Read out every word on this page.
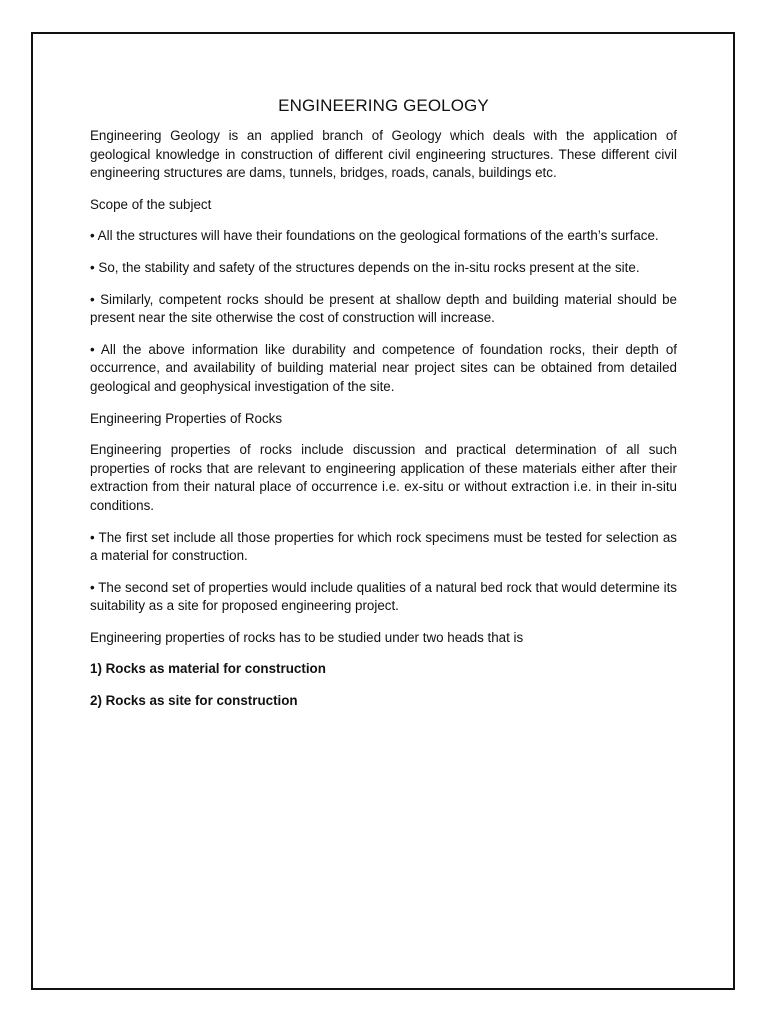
ENGINEERING GEOLOGY

Engineering Geology is an applied branch of Geology which deals with the application of geological knowledge in construction of different civil engineering structures. These different civil engineering structures are dams, tunnels, bridges, roads, canals, buildings etc.

Scope of the subject

• All the structures will have their foundations on the geological formations of the earth’s surface.

• So, the stability and safety of the structures depends on the in-situ rocks present at the site.

• Similarly, competent rocks should be present at shallow depth and building material should be present near the site otherwise the cost of construction will increase.

• All the above information like durability and competence of foundation rocks, their depth of occurrence, and availability of building material near project sites can be obtained from detailed geological and geophysical investigation of the site.

Engineering Properties of Rocks

Engineering properties of rocks include discussion and practical determination of all such properties of rocks that are relevant to engineering application of these materials either after their extraction from their natural place of occurrence i.e. ex-situ or without extraction i.e. in their in-situ conditions.

• The first set include all those properties for which rock specimens must be tested for selection as a material for construction.

• The second set of properties would include qualities of a natural bed rock that would determine its suitability as a site for proposed engineering project.

Engineering properties of rocks has to be studied under two heads that is

1) Rocks as material for construction

2) Rocks as site for construction
